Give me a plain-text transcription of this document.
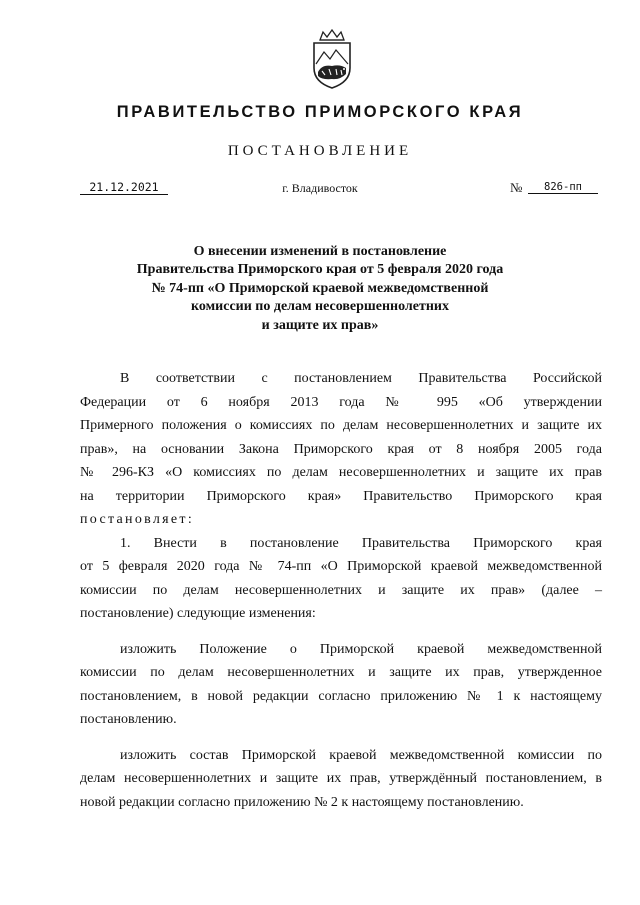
ПРАВИТЕЛЬСТВО ПРИМОРСКОГО КРАЯ
ПОСТАНОВЛЕНИЕ
21.12.2021	г. Владивосток	№	826-пп
О внесении изменений в постановление
Правительства Приморского края от 5 февраля 2020 года
№ 74-пп «О Приморской краевой межведомственной
комиссии по делам несовершеннолетних
и защите их прав»
В соответствии с постановлением Правительства Российской
Федерации от 6 ноября 2013 года № 995 «Об утверждении
Примерного положения о комиссиях по делам несовершеннолетних и защите их
прав», на основании Закона Приморского края от 8 ноября 2005 года
№ 296-КЗ «О комиссиях по делам несовершеннолетних и защите их прав
на территории Приморского края» Правительство Приморского края
постановляет:
1. Внести в постановление Правительства Приморского края
от 5 февраля 2020 года № 74-пп «О Приморской краевой межведомственной
комиссии по делам несовершеннолетних и защите их прав» (далее –
постановление) следующие изменения:
изложить Положение о Приморской краевой межведомственной
комиссии по делам несовершеннолетних и защите их прав, утвержденное
постановлением, в новой редакции согласно приложению № 1 к настоящему
постановлению.
изложить состав Приморской краевой межведомственной комиссии по
делам несовершеннолетних и защите их прав, утверждённый постановлением, в
новой редакции согласно приложению № 2 к настоящему постановлению.
